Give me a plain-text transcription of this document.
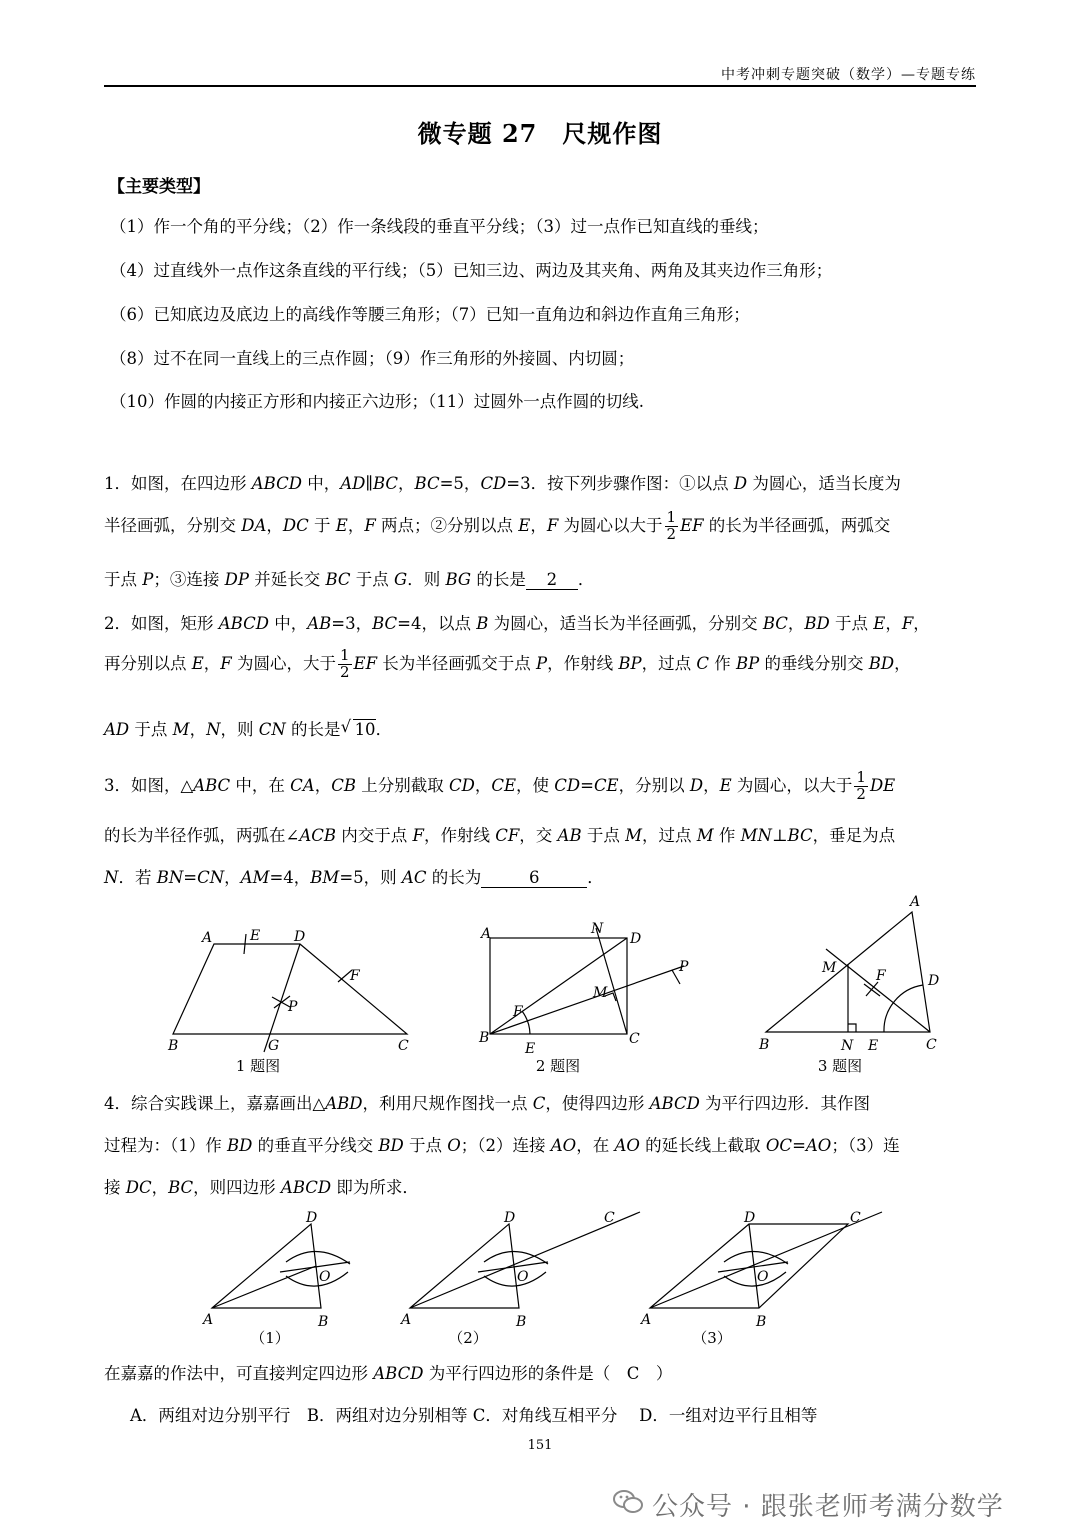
中考冲刺专题突破（数学）—专题专练
微专题 27　尺规作图
【主要类型】
（1）作一个角的平分线；（2）作一条线段的垂直平分线；（3）过一点作已知直线的垂线；
（4）过直线外一点作这条直线的平行线；（5）已知三边、两边及其夹角、两角及其夹边作三角形；
（6）已知底边及底边上的高线作等腰三角形；（7）已知一直角边和斜边作直角三角形；
（8）过不在同一直线上的三点作圆；（9）作三角形的外接圆、内切圆；
（10）作圆的内接正方形和内接正六边形；（11）过圆外一点作圆的切线.
1．如图，在四边形 ABCD 中，AD∥BC，BC=5，CD=3．按下列步骤作图：①以点 D 为圆心，适当长度为
半径画弧，分别交 DA，DC 于 E，F 两点；②分别以点 E，F 为圆心以大于 $\frac{1}{2}$ EF 的长为半径画弧，两弧交
于点 P；③连接 DP 并延长交 BC 于点 G．则 BG 的长是 2 ．
2．如图，矩形 ABCD 中，AB=3，BC=4，以点 B 为圆心，适当长为半径画弧，分别交 BC，BD 于点 E，F，
再分别以点 E，F 为圆心，大于 $\frac{1}{2}$ EF 长为半径画弧交于点 P，作射线 BP，过点 C 作 BP 的垂线分别交 BD，
AD 于点 M，N，则 CN 的长是√ 10．
3．如图，△ABC 中，在 CA，CB 上分别截取 CD，CE，使 CD=CE，分别以 D，E 为圆心，以大于 $\frac{1}{2}$ DE
的长为半径作弧，两弧在∠ACB 内交于点 F，作射线 CF，交 AB 于点 M，过点 M 作 MN⊥BC，垂足为点
N．若 BN=CN，AM=4，BM=5，则 AC 的长为	6	．
A	E D
F
P
B	G	C
1 题图
A	N
D
P
M
F
B
E
C
2 题图
A
M	F	D
B	N E	C
3 题图
4．综合实践课上，嘉嘉画出△ABD，利用尺规作图找一点 C，使得四边形 ABCD 为平行四边形．其作图
过程为：（1）作 BD 的垂直平分线交 BD 于点 O；（2）连接 AO，在 AO 的延长线上截取 OC=AO；（3）连
接 DC，BC，则四边形 ABCD 即为所求．
D
O
A	B
（1）
D	C
O
A	B
（2）
D	C
O
A	B
（3）
在嘉嘉的作法中，可直接判定四边形 ABCD 为平行四边形的条件是（　C　）
A．两组对边分别平行　B．两组对边分别相等 C．对角线互相平分　 D．一组对边平行且相等
151
公众号 · 跟张老师考满分数学
